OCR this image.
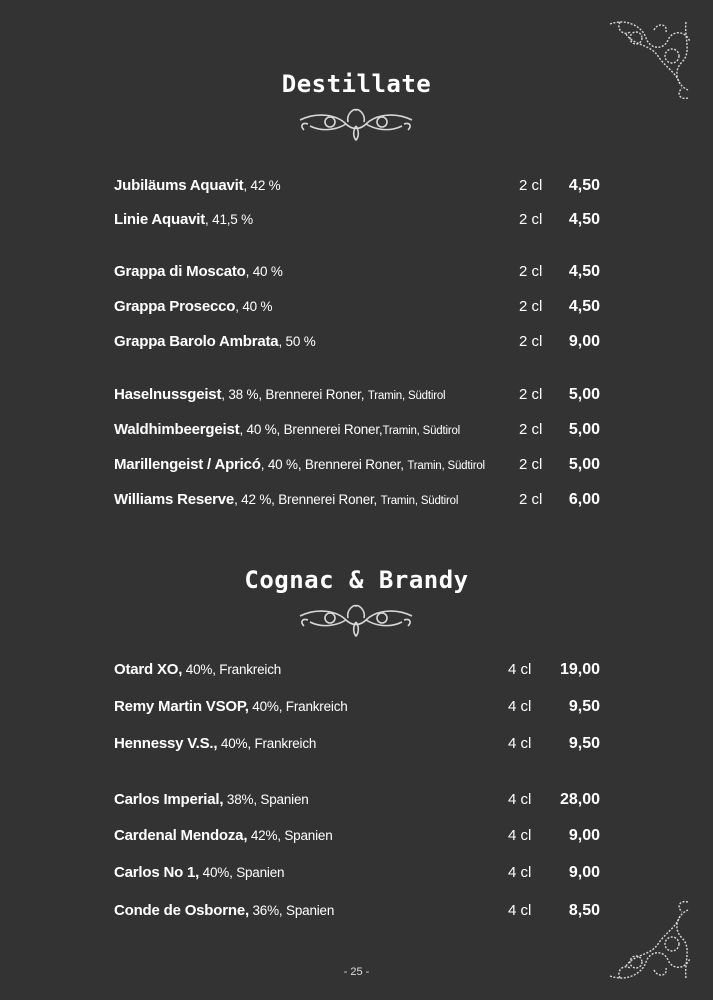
Destillate
Jubiläums Aquavit, 42 %	2 cl 4,50
Linie Aquavit, 41,5 %	2 cl 4,50
Grappa di Moscato, 40 %	2 cl 4,50
Grappa Prosecco, 40 %	2 cl 4,50
Grappa Barolo Ambrata, 50 %	2 cl 9,00
Haselnussgeist, 38 %, Brennerei Roner, Tramin, Südtirol	2 cl 5,00
Waldhimbeergeist, 40 %, Brennerei Roner,Tramin, Südtirol	2 cl 5,00
Marillengeist / Apricó, 40 %, Brennerei Roner, Tramin, Südtirol 2 cl 5,00
Williams Reserve, 42 %, Brennerei Roner, Tramin, Südtirol	2 cl 6,00
Cognac & Brandy
Otard XO, 40%, Frankreich	4 cl 19,00
Remy Martin VSOP, 40%, Frankreich	4 cl 9,50
Hennessy V.S., 40%, Frankreich	4 cl 9,50
Carlos Imperial, 38%, Spanien	4 cl 28,00
Cardenal Mendoza, 42%, Spanien	4 cl 9,00
Carlos No 1, 40%, Spanien	4 cl 9,00
Conde de Osborne, 36%, Spanien	4 cl 8,50
- 25 -
